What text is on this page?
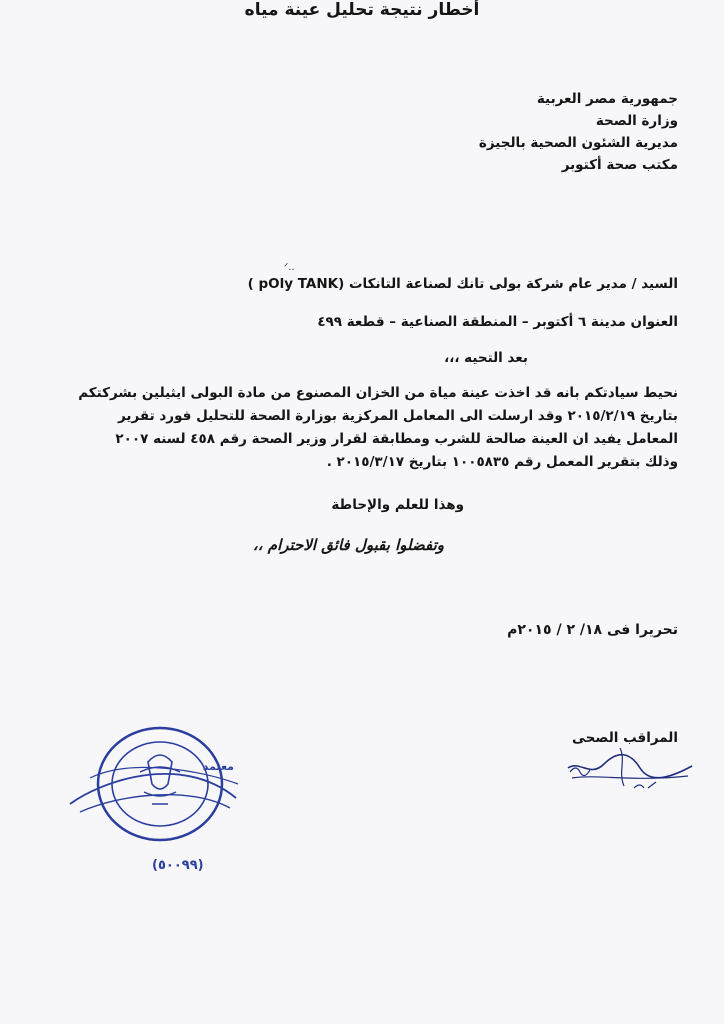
جمهورية مصر العربية
وزارة الصحة
مديرية الشئون الصحية بالجيزة
مكتب صحة أكتوبر
أخطار نتيجة تحليل عينة مياه
ᐟ..
السيد / مدير عام شركة بولى تانك لصناعة التانكات (pOly TANK )
العنوان مدينة ٦ أكتوبر – المنطقة الصناعية – قطعة ٤٩٩
بعد التحيه ،،،
نحيط سيادتكم بانه قد اخذت عينة مياة من الخزان المصنوع من مادة البولى ايثيلين بشركتكم
بتاريخ ٢٠١٥/٢/١٩ وقد ارسلت الى المعامل المركزية بوزارة الصحة للتحليل فورد تقرير
المعامل يفيد ان العينة صالحة للشرب ومطابقة لقرار وزير الصحة رقم ٤٥٨ لسنه ٢٠٠٧
وذلك بتقرير المعمل رقم ١٠٠٥٨٣٥ بتاريخ ٢٠١٥/٣/١٧ .
وهذا للعلم والإحاطة
وتفضلوا بقبول فائق الاحترام ،،
تحريرا فى ١٨/ ٢ / ٢٠١٥م
المراقب الصحى
معتمد
(٥٠٠٩٩)
